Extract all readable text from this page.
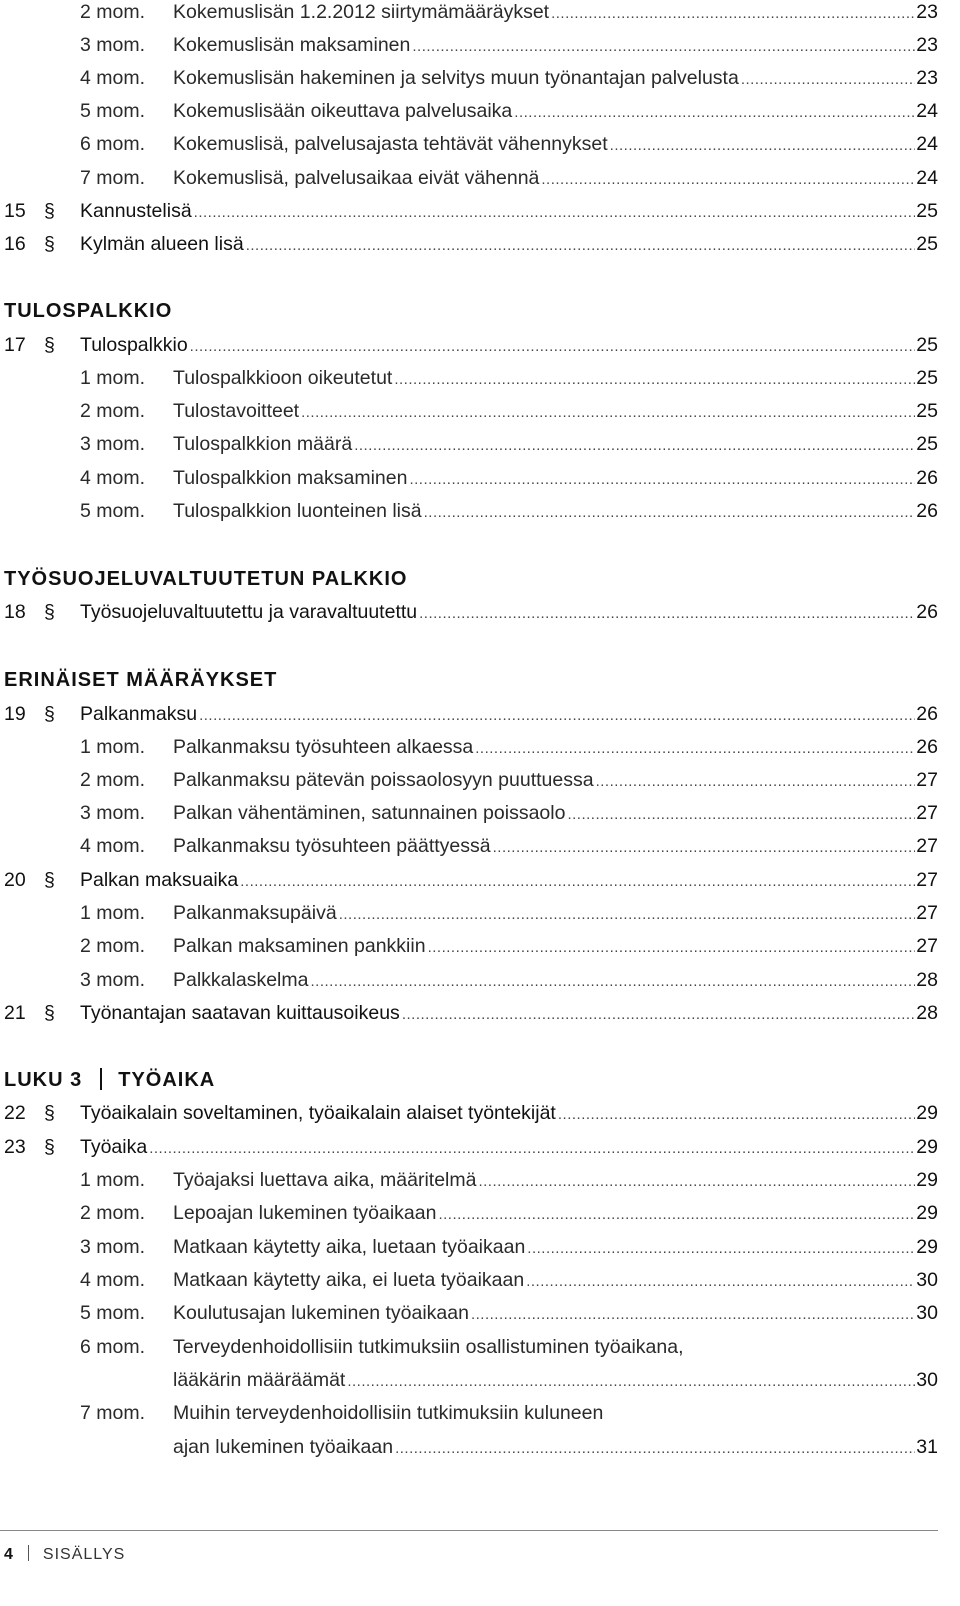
2 mom. Kokemuslisän 1.2.2012 siirtymämääräykset .....	23
3 mom. Kokemuslisän maksaminen .....	23
4 mom. Kokemuslisän hakeminen ja selvitys muun työnantajan palvelusta .....	23
5 mom. Kokemuslisään oikeuttava palvelusaika .....	24
6 mom. Kokemuslisä, palvelusajasta tehtävät vähennykset .....	24
7 mom. Kokemuslisä, palvelusaikaa eivät vähennä .....	24
15 § Kannustelisä .....	25
16 § Kylmän alueen lisä .....	25
TULOSPALKKIO
17 § Tulospalkkio .....	25
1 mom. Tulospalkkioon oikeutetut .....	25
2 mom. Tulostavoitteet .....	25
3 mom. Tulospalkkion määrä .....	25
4 mom. Tulospalkkion maksaminen .....	26
5 mom. Tulospalkkion luonteinen lisä .....	26
TYÖSUOJELUVALTUUTETUN PALKKIO
18 § Työsuojeluvaltuutettu ja varavaltuutettu .....	26
ERINÄISET MÄÄRÄYKSET
19 § Palkanmaksu .....	26
1 mom. Palkanmaksu työsuhteen alkaessa .....	26
2 mom. Palkanmaksu pätevän poissaolosyyn puuttuessa .....	27
3 mom. Palkan vähentäminen, satunnainen poissaolo .....	27
4 mom. Palkanmaksu työsuhteen päättyessä .....	27
20 § Palkan maksuaika .....	27
1 mom. Palkanmaksupäivä .....	27
2 mom. Palkan maksaminen pankkiin .....	27
3 mom. Palkkalaskelma .....	28
21 § Työnantajan saatavan kuittausoikeus .....	28
LUKU 3 TYÖAIKA
22 § Työaikalain soveltaminen, työaikalain alaiset työntekijät .....	29
23 § Työaika .....	29
1 mom. Työajaksi luettava aika, määritelmä .....	29
2 mom. Lepoajan lukeminen työaikaan .....	29
3 mom. Matkaan käytetty aika, luetaan työaikaan .....	29
4 mom. Matkaan käytetty aika, ei lueta työaikaan .....	30
5 mom. Koulutusajan lukeminen työaikaan .....	30
6 mom. Terveydenhoidollisiin tutkimuksiin osallistuminen työaikana,
lääkärin määräämät .....	30
7 mom. Muihin terveydenhoidollisiin tutkimuksiin kuluneen
ajan lukeminen työaikaan .....	31
4 SISÄLLYS
